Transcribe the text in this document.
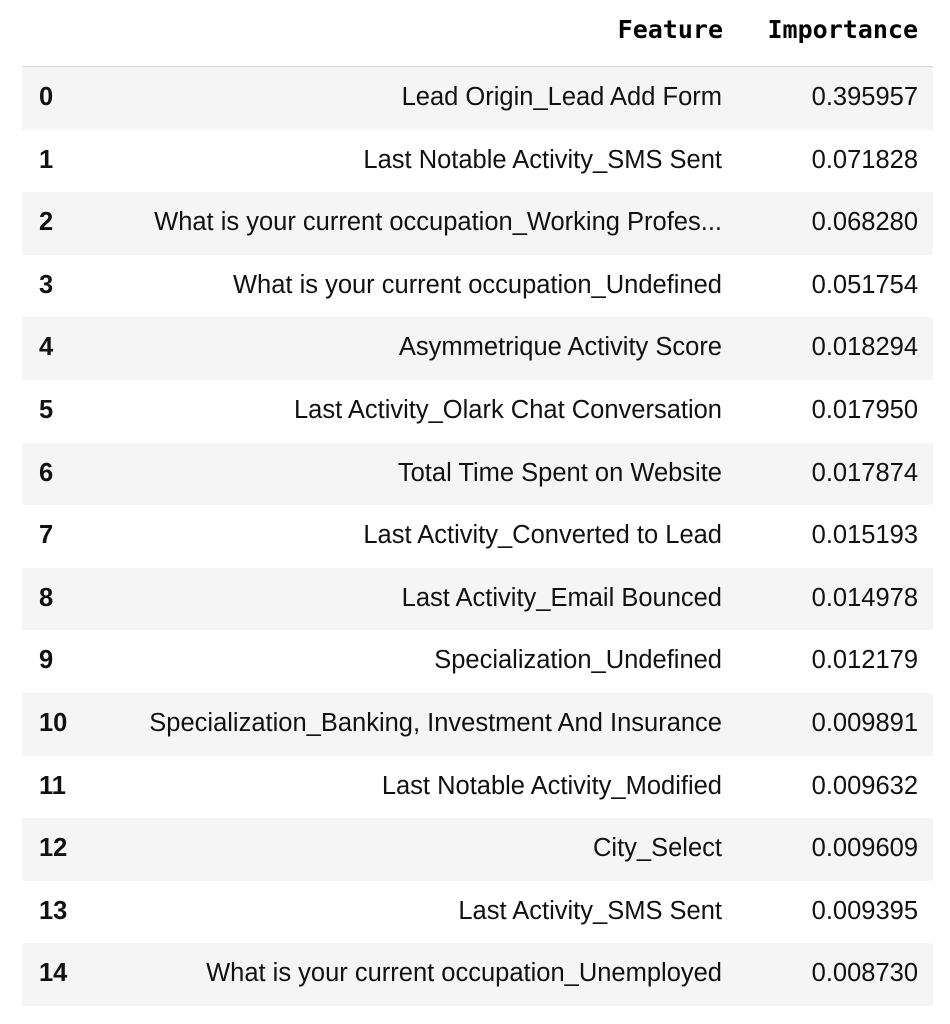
Feature Importance
0	Lead Origin_Lead Add Form	0.395957
1	Last Notable Activity_SMS Sent	0.071828
2	What is your current occupation_Working Profes...	0.068280
3	What is your current occupation_Undefined	0.051754
4	Asymmetrique Activity Score	0.018294
5	Last Activity_Olark Chat Conversation	0.017950
6	Total Time Spent on Website	0.017874
7	Last Activity_Converted to Lead	0.015193
8	Last Activity_Email Bounced	0.014978
9	Specialization_Undefined	0.012179
10	Specialization_Banking, Investment And Insurance	0.009891
11	Last Notable Activity_Modified	0.009632
12	City_Select	0.009609
13	Last Activity_SMS Sent	0.009395
14	What is your current occupation_Unemployed	0.008730
